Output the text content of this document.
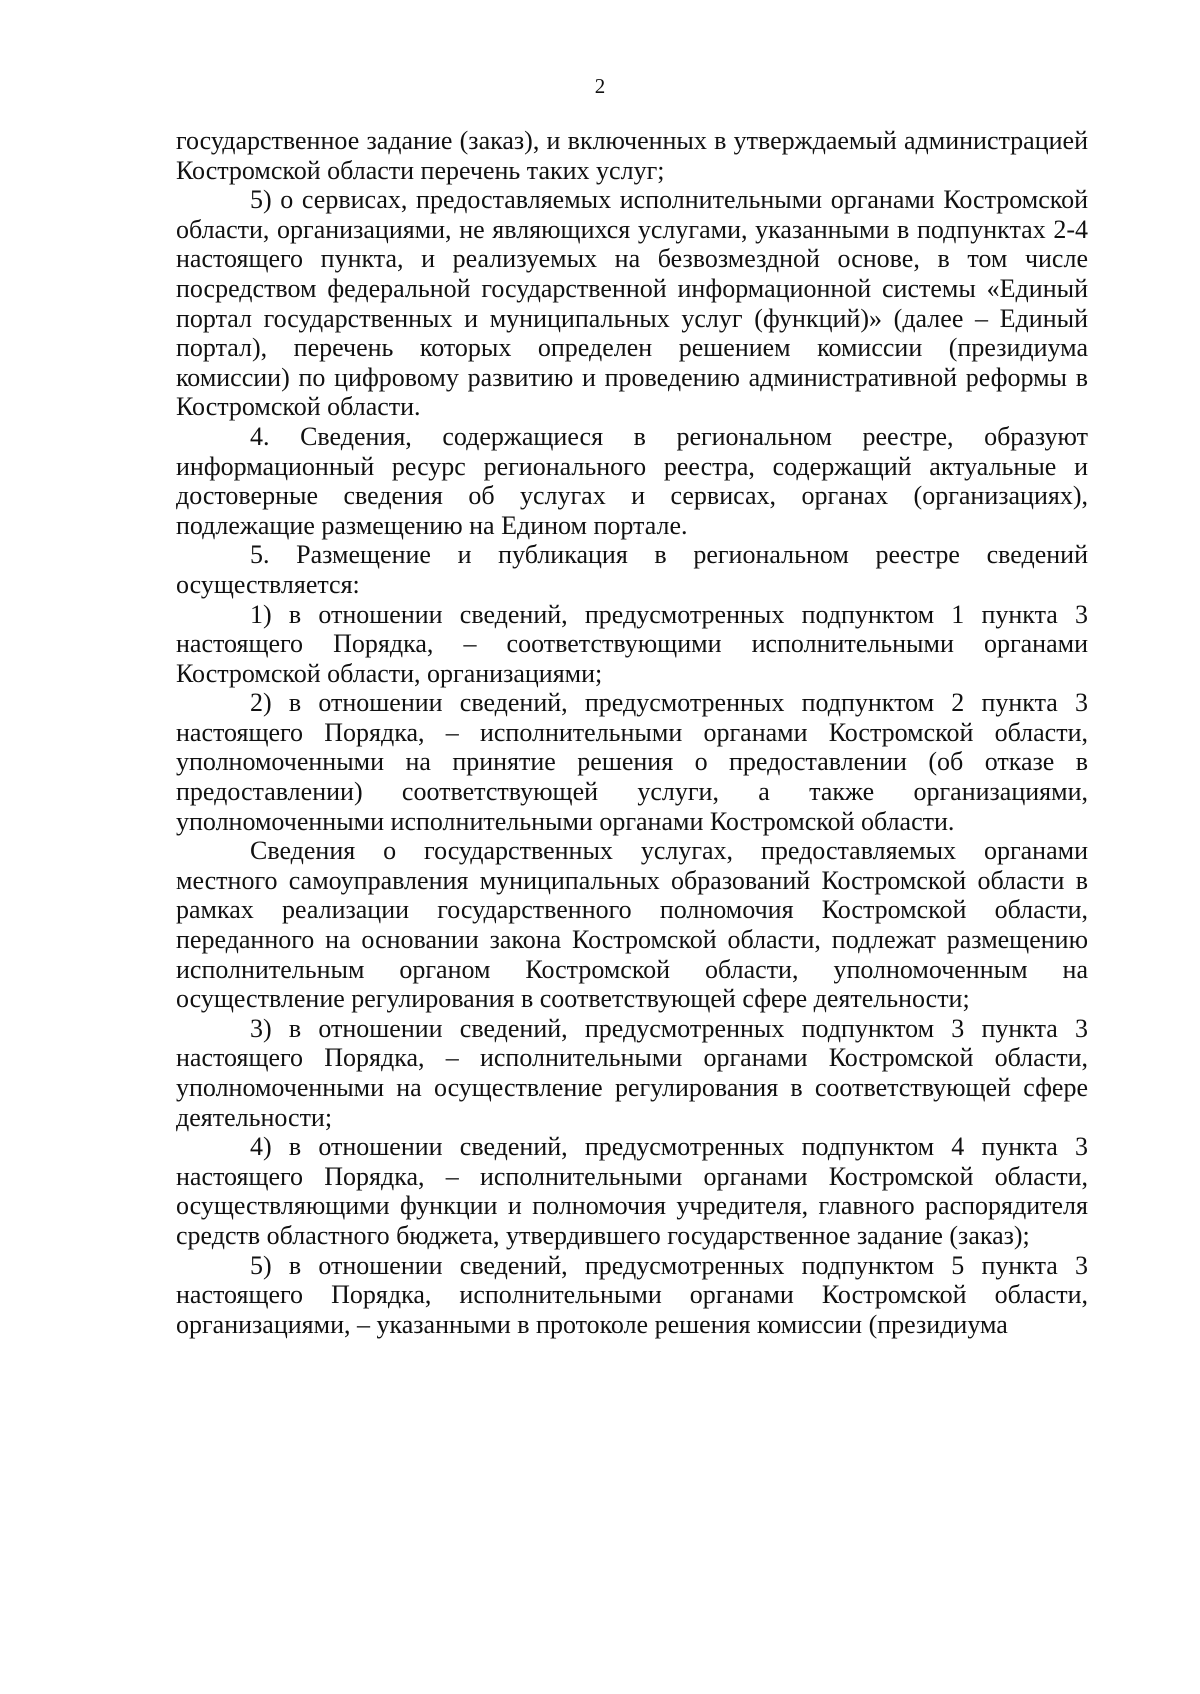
2

государственное задание (заказ), и включенных в утверждаемый администрацией Костромской области перечень таких услуг;

5) о сервисах, предоставляемых исполнительными органами Костромской области, организациями, не являющихся услугами, указанными в подпунктах 2-4 настоящего пункта, и реализуемых на безвозмездной основе, в том числе посредством федеральной государственной информационной системы «Единый портал государственных и муниципальных услуг (функций)» (далее – Единый портал), перечень которых определен решением комиссии (президиума комиссии) по цифровому развитию и проведению административной реформы в Костромской области.

4. Сведения, содержащиеся в региональном реестре, образуют информационный ресурс регионального реестра, содержащий актуальные и достоверные сведения об услугах и сервисах, органах (организациях), подлежащие размещению на Едином портале.

5. Размещение и публикация в региональном реестре сведений осуществляется:

1) в отношении сведений, предусмотренных подпунктом 1 пункта 3 настоящего Порядка, – соответствующими исполнительными органами Костромской области, организациями;

2) в отношении сведений, предусмотренных подпунктом 2 пункта 3 настоящего Порядка, – исполнительными органами Костромской области, уполномоченными на принятие решения о предоставлении (об отказе в предоставлении) соответствующей услуги, а также организациями, уполномоченными исполнительными органами Костромской области.

Сведения о государственных услугах, предоставляемых органами местного самоуправления муниципальных образований Костромской области в рамках реализации государственного полномочия Костромской области, переданного на основании закона Костромской области, подлежат размещению исполнительным органом Костромской области, уполномоченным на осуществление регулирования в соответствующей сфере деятельности;

3) в отношении сведений, предусмотренных подпунктом 3 пункта 3 настоящего Порядка, – исполнительными органами Костромской области, уполномоченными на осуществление регулирования в соответствующей сфере деятельности;

4) в отношении сведений, предусмотренных подпунктом 4 пункта 3 настоящего Порядка, – исполнительными органами Костромской области, осуществляющими функции и полномочия учредителя, главного распорядителя средств областного бюджета, утвердившего государственное задание (заказ);

5) в отношении сведений, предусмотренных подпунктом 5 пункта 3 настоящего Порядка, исполнительными органами Костромской области, организациями, – указанными в протоколе решения комиссии (президиума
